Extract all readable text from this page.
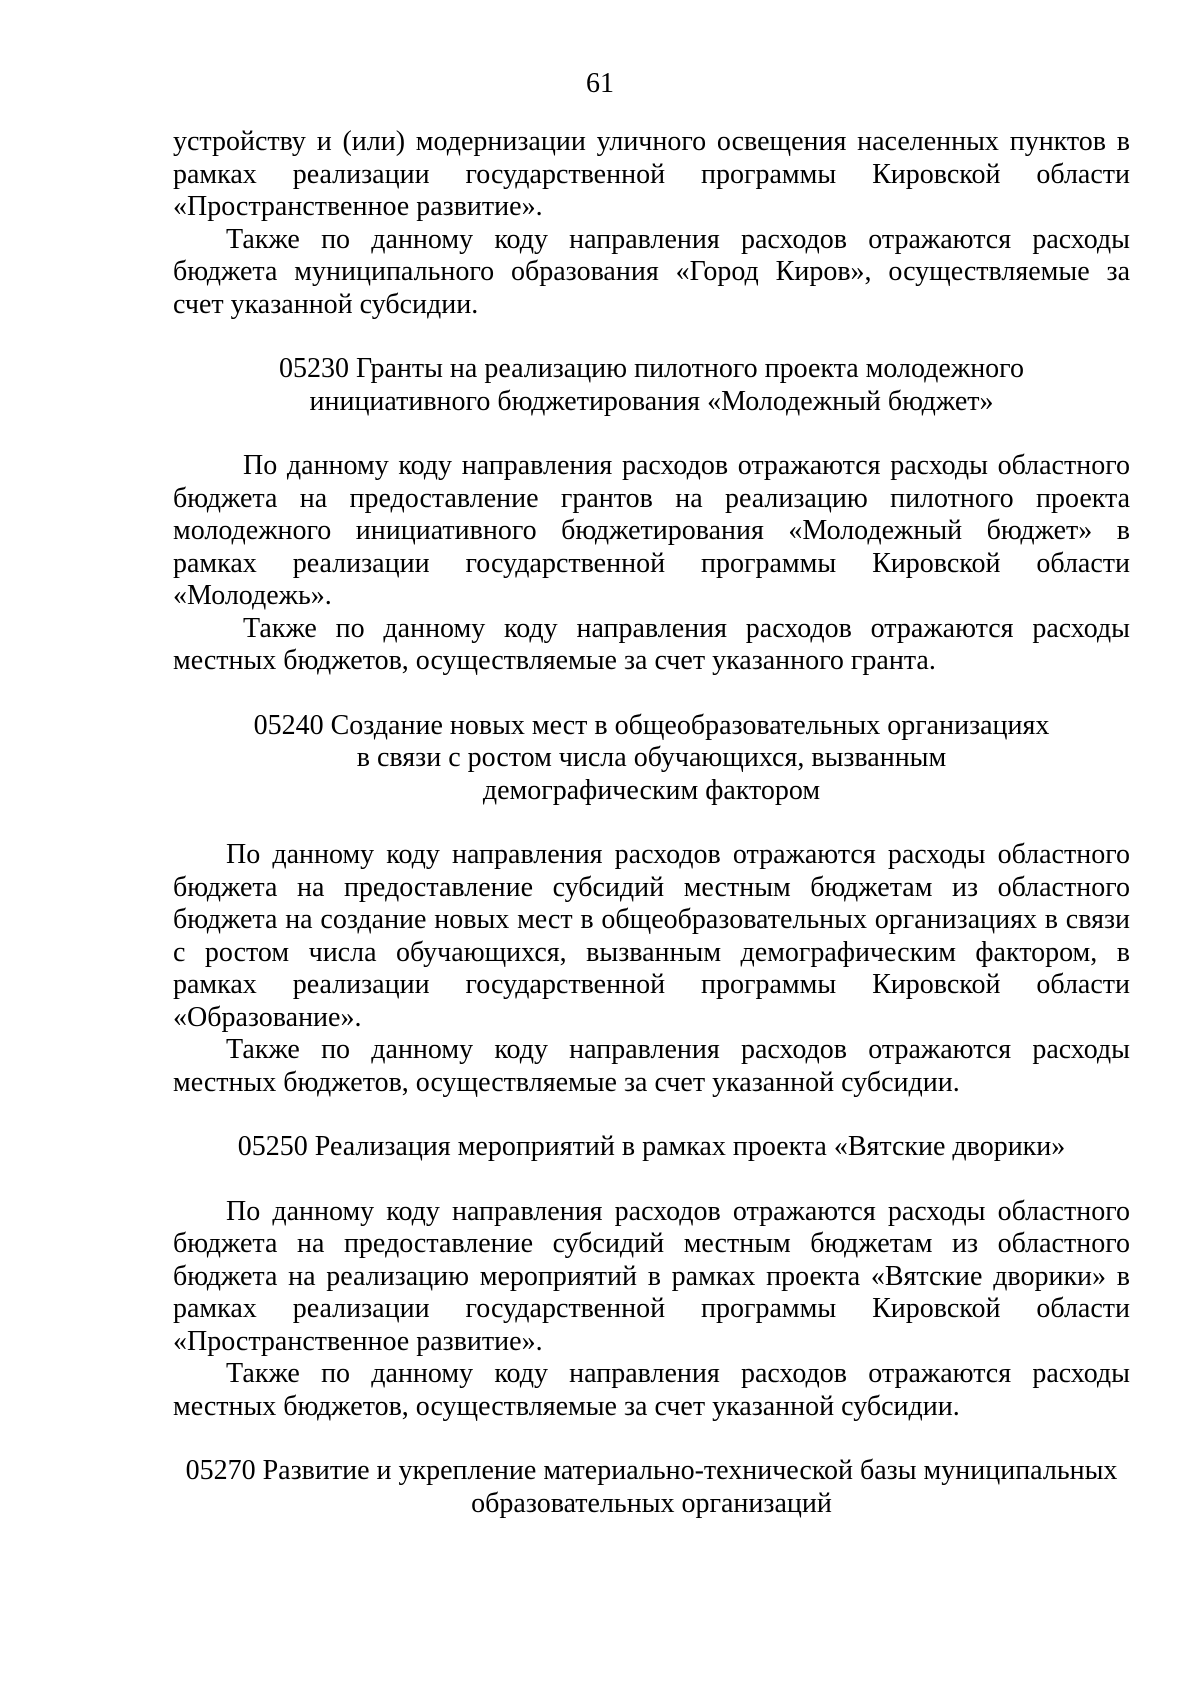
61
устройству и (или) модернизации уличного освещения населенных пунктов в
рамках реализации государственной программы Кировской области
«Пространственное развитие».
Также по данному коду направления расходов отражаются расходы
бюджета муниципального образования «Город Киров», осуществляемые за
счет указанной субсидии.
05230 Гранты на реализацию пилотного проекта молодежного
инициативного бюджетирования «Молодежный бюджет»
По данному коду направления расходов отражаются расходы областного
бюджета на предоставление грантов на реализацию пилотного проекта
молодежного инициативного бюджетирования «Молодежный бюджет» в
рамках реализации государственной программы Кировской области
«Молодежь».
Также по данному коду направления расходов отражаются расходы
местных бюджетов, осуществляемые за счет указанного гранта.
05240 Создание новых мест в общеобразовательных организациях
в связи с ростом числа обучающихся, вызванным
демографическим фактором
По данному коду направления расходов отражаются расходы областного
бюджета на предоставление субсидий местным бюджетам из областного
бюджета на создание новых мест в общеобразовательных организациях в связи
с ростом числа обучающихся, вызванным демографическим фактором, в
рамках реализации государственной программы Кировской области
«Образование».
Также по данному коду направления расходов отражаются расходы
местных бюджетов, осуществляемые за счет указанной субсидии.
05250 Реализация мероприятий в рамках проекта «Вятские дворики»
По данному коду направления расходов отражаются расходы областного
бюджета на предоставление субсидий местным бюджетам из областного
бюджета на реализацию мероприятий в рамках проекта «Вятские дворики» в
рамках реализации государственной программы Кировской области
«Пространственное развитие».
Также по данному коду направления расходов отражаются расходы
местных бюджетов, осуществляемые за счет указанной субсидии.
05270 Развитие и укрепление материально-технической базы муниципальных
образовательных организаций
